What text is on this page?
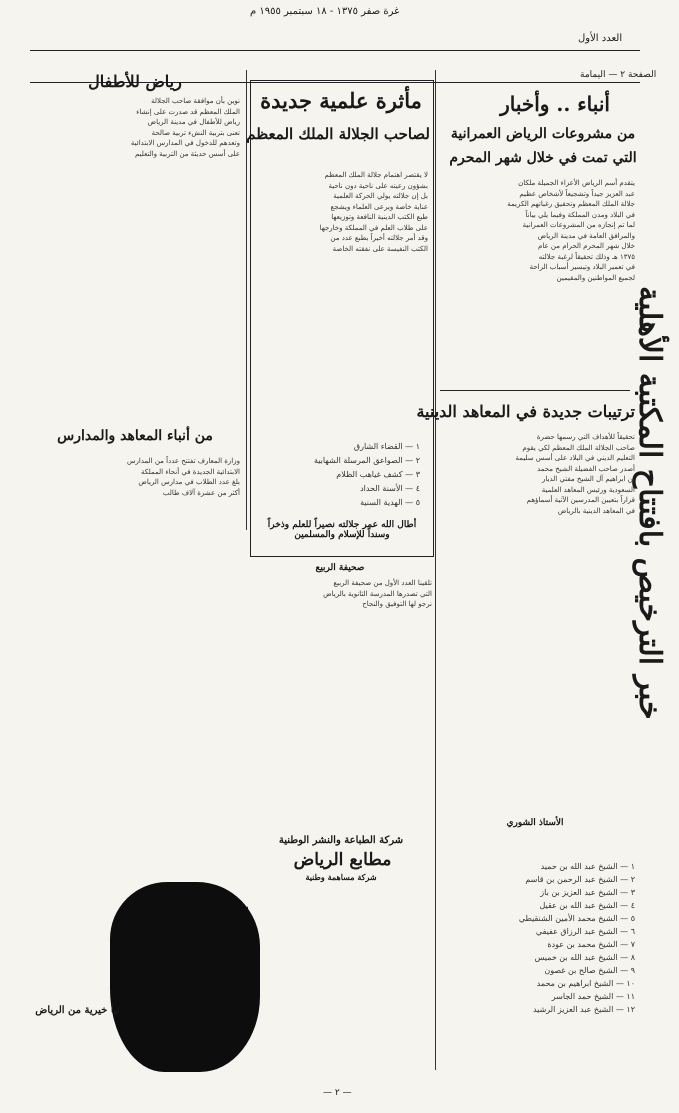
غرة صفر ١٣٧٥ - ١٨ سبتمبر ١٩٥٥ م
العدد الأول
الصفحة ٢ — اليمامة
خبر الترخيص بافتتاح المكتبة الأهلية
أنباء .. وأخبار
من مشروعات الرياض العمرانية
التي تمت في خلال شهر المحرم
يتقدم أسم الرياض الأعزاء الجميلة ملكان
عبد العزيز جيداً وتشجيعاً لأشخاص عظيم
جلالة الملك المعظم وتحقيق رغباتهم الكريمة
في البلاد ومدن المملكة وفيما يلي بياناً
لما تم إنجازه من المشروعات العمرانية
والمرافق العامة في مدينة الرياض
خلال شهر المحرم الحرام من عام
١٣٧٥ هـ وذلك تحقيقاً لرغبة جلالته
في تعمير البلاد وتيسير أسباب الراحة
لجميع المواطنين والمقيمين
ترتيبات جديدة في المعاهد الدينية
تحقيقاً للأهداف التي رسمها حضرة
صاحب الجلالة الملك المعظم لكي يقوم
التعليم الديني في البلاد على أسس سليمة
أصدر صاحب الفضيلة الشيخ محمد
بن ابراهيم آل الشيخ مفتي الديار
السعودية ورئيس المعاهد العلمية
قراراً بتعيين المدرسين الآتية أسماؤهم
في المعاهد الدينية بالرياض
١ — الشيخ عبد الله بن حميد
٢ — الشيخ عبد الرحمن بن قاسم
٣ — الشيخ عبد العزيز بن باز
٤ — الشيخ عبد الله بن عقيل
٥ — الشيخ محمد الأمين الشنقيطي
٦ — الشيخ عبد الرزاق عفيفي
٧ — الشيخ محمد بن عودة
٨ — الشيخ عبد الله بن خميس
٩ — الشيخ صالح بن غصون
١٠ — الشيخ ابراهيم بن محمد
١١ — الشيخ حمد الجاسر
١٢ — الشيخ عبد العزيز الرشيد
مأثرة علمية جديدة
لصاحب الجلالة الملك المعظم
لا يقتصر اهتمام جلالة الملك المعظم
بشؤون رعيته على ناحية دون ناحية
بل إن جلالته يولي الحركة العلمية
عناية خاصة ويرعى العلماء ويشجع
طبع الكتب الدينية النافعة وتوزيعها
على طلاب العلم في المملكة وخارجها
وقد أمر جلالته أخيراً بطبع عدد من
الكتب النفيسة على نفقته الخاصة
١ — القضاء الشارق
٢ — الصواعق المرسلة الشهابية
٣ — كشف غياهب الظلام
٤ — الأسنة الحداد
٥ — الهدية السنية
أطال الله عمر جلالته نصيراً للعلم وذخراً وسنداً للإسلام والمسلمين
صحيفة الربيع
تلقينا العدد الأول من صحيفة الربيع
التي تصدرها المدرسة الثانوية بالرياض
نرجو لها التوفيق والنجاح
رياض للأطفال
نوين بأن موافقة صاحب الجلالة
الملك المعظم قد صدرت على إنشاء
رياض للأطفال في مدينة الرياض
تعنى بتربية النشء تربية صالحة
وتعدهم للدخول في المدارس الابتدائية
على أسس حديثة من التربية والتعليم
من أنباء المعاهد والمدارس
وزارة المعارف تفتتح عدداً من المدارس
الابتدائية الجديدة في أنحاء المملكة
بلغ عدد الطلاب في مدارس الرياض
أكثر من عشرة آلاف طالب
شركة الطباعة والنشر الوطنية
مطابع الرياض
شركة مساهمة وطنية
الأستاذ الشوري
نبأ خيرية من الرياض
— ٢ —
